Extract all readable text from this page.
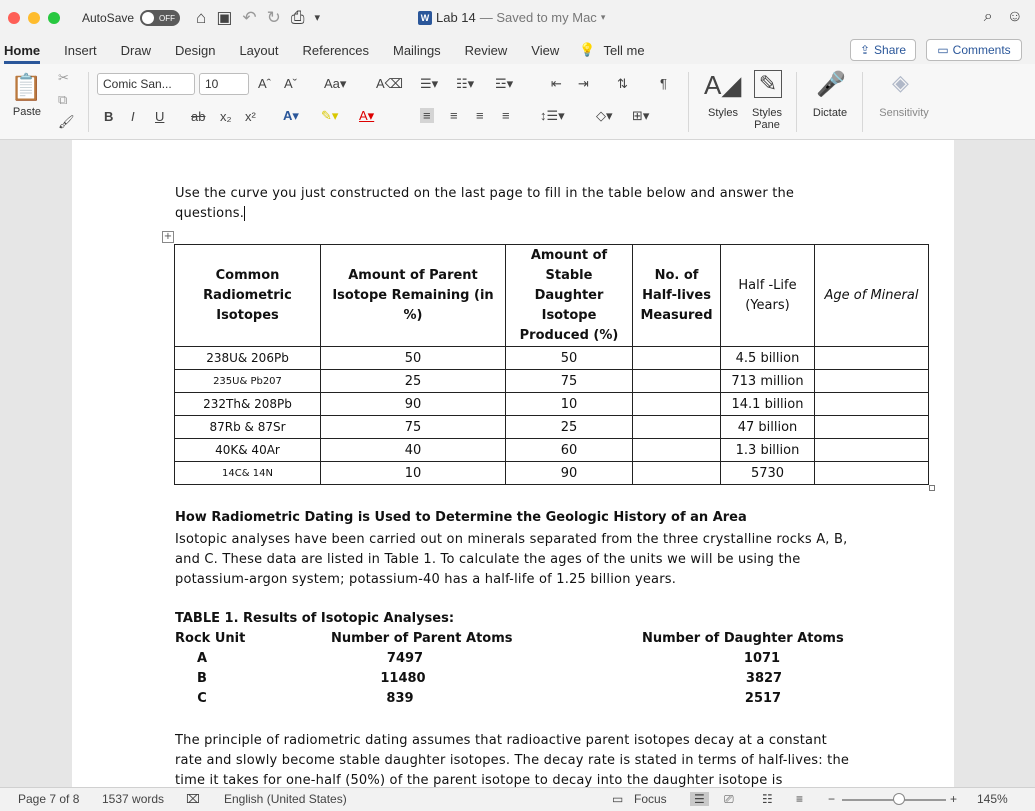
AutoSave	OFF ⌂ ▣ ↶ ↻ ⎙ ▾	W Lab 14 — Saved to my Mac ▾	⌕ ☺
Home Insert Draw Design Layout References Mailings Review View 💡 Tell me	⇪ Share	▭ Comments
📋
Paste
✂
⧉
🖌
Comic San...	10	Aˆ Aˇ Aa▾ A⌫
B I U ab x₂ x² A▾ ✎▾ A▾
☰▾ ☷▾ ☲▾	⇤ ⇥ ⇅ ¶
≡ ≡ ≡ ≡ ↕☰▾ ◇▾ ⊞▾
A◢
Styles
✎
Styles Pane
🎤
Dictate
◈
Sensitivity

Use the curve you just constructed on the last page to fill in the table below and answer the questions.

+
Common Radiometric Isotopes	Amount of Parent Isotope Remaining (in %)	Amount of Stable Daughter Isotope Produced (%)	No. of Half-lives Measured	Half -Life (Years)	Age of Mineral
238U& 206Pb	50	50		4.5 billion	
235U& Pb207	25	75		713 million	
232Th& 208Pb	90	10		14.1 billion	
87Rb & 87Sr	75	25		47 billion	
40K& 40Ar	40	60		1.3 billion	
14C& 14N	10	90		5730	
How Radiometric Dating is Used to Determine the Geologic History of an Area

Isotopic analyses have been carried out on minerals separated from the three crystalline rocks A, B, and C. These data are listed in Table 1. To calculate the ages of the units we will be using the potassium-argon system; potassium-40 has a half-life of 1.25 billion years.

TABLE 1. Results of Isotopic Analyses:
Rock Unit	Number of Parent Atoms	Number of Daughter Atoms
A	7497	1071
B	11480	3827
C	839	2517

The principle of radiometric dating assumes that radioactive parent isotopes decay at a constant rate and slowly become stable daughter isotopes. The decay rate is stated in terms of half-lives: the time it takes for one-half (50%) of the parent isotope to decay into the daughter isotope is

Page 7 of 8 1537 words ⌧ English (United States)	▭ Focus	☰	⎚ ☷ ≡ −	+ 145%
